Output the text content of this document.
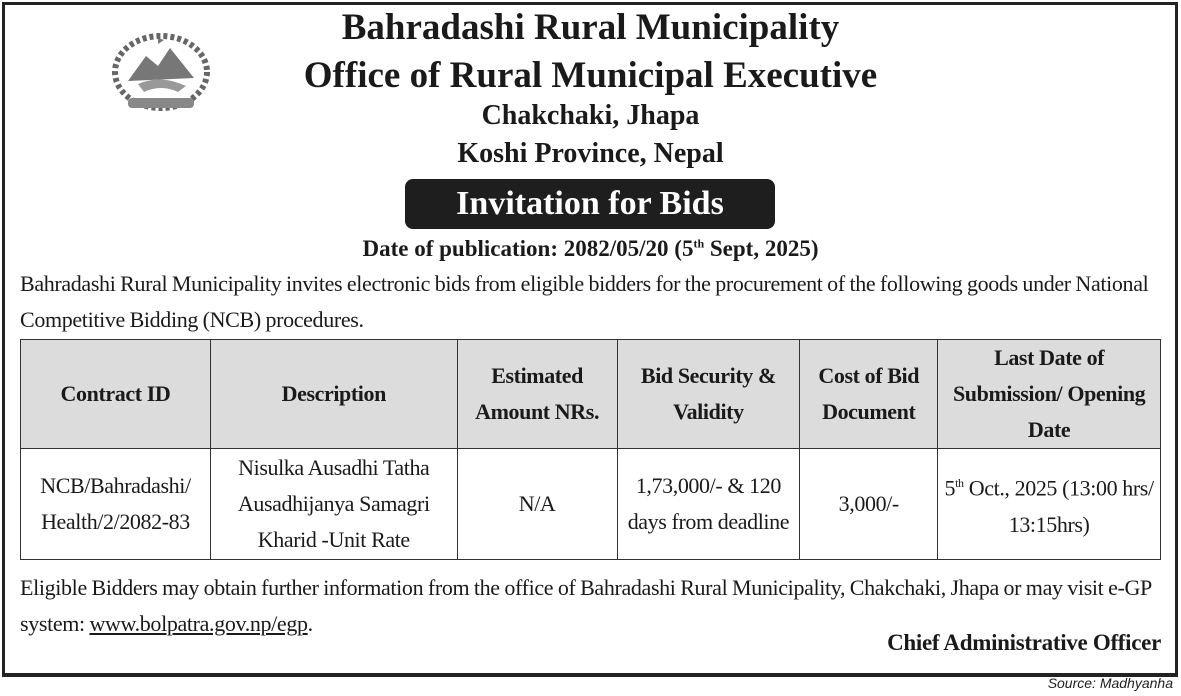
Bahradashi Rural Municipality
Office of Rural Municipal Executive
Chakchaki, Jhapa
Koshi Province, Nepal
Invitation for Bids
Date of publication: 2082/05/20 (5th Sept, 2025)
Bahradashi Rural Municipality invites electronic bids from eligible bidders for the procurement of the following goods under National Competitive Bidding (NCB) procedures.
Contract ID	Description	Estimated Amount NRs.	Bid Security & Validity	Cost of Bid Document	Last Date of Submission/ Opening Date
NCB/Bahradashi/ Health/2/2082-83	Nisulka Ausadhi Tatha Ausadhijanya Samagri Kharid -Unit Rate	N/A	1,73,000/- & 120 days from deadline	3,000/-	5th Oct., 2025 (13:00 hrs/ 13:15hrs)
Eligible Bidders may obtain further information from the office of Bahradashi Rural Municipality, Chakchaki, Jhapa or may visit e-GP system: www.bolpatra.gov.np/egp.
Chief Administrative Officer
Source: Madhyanha
